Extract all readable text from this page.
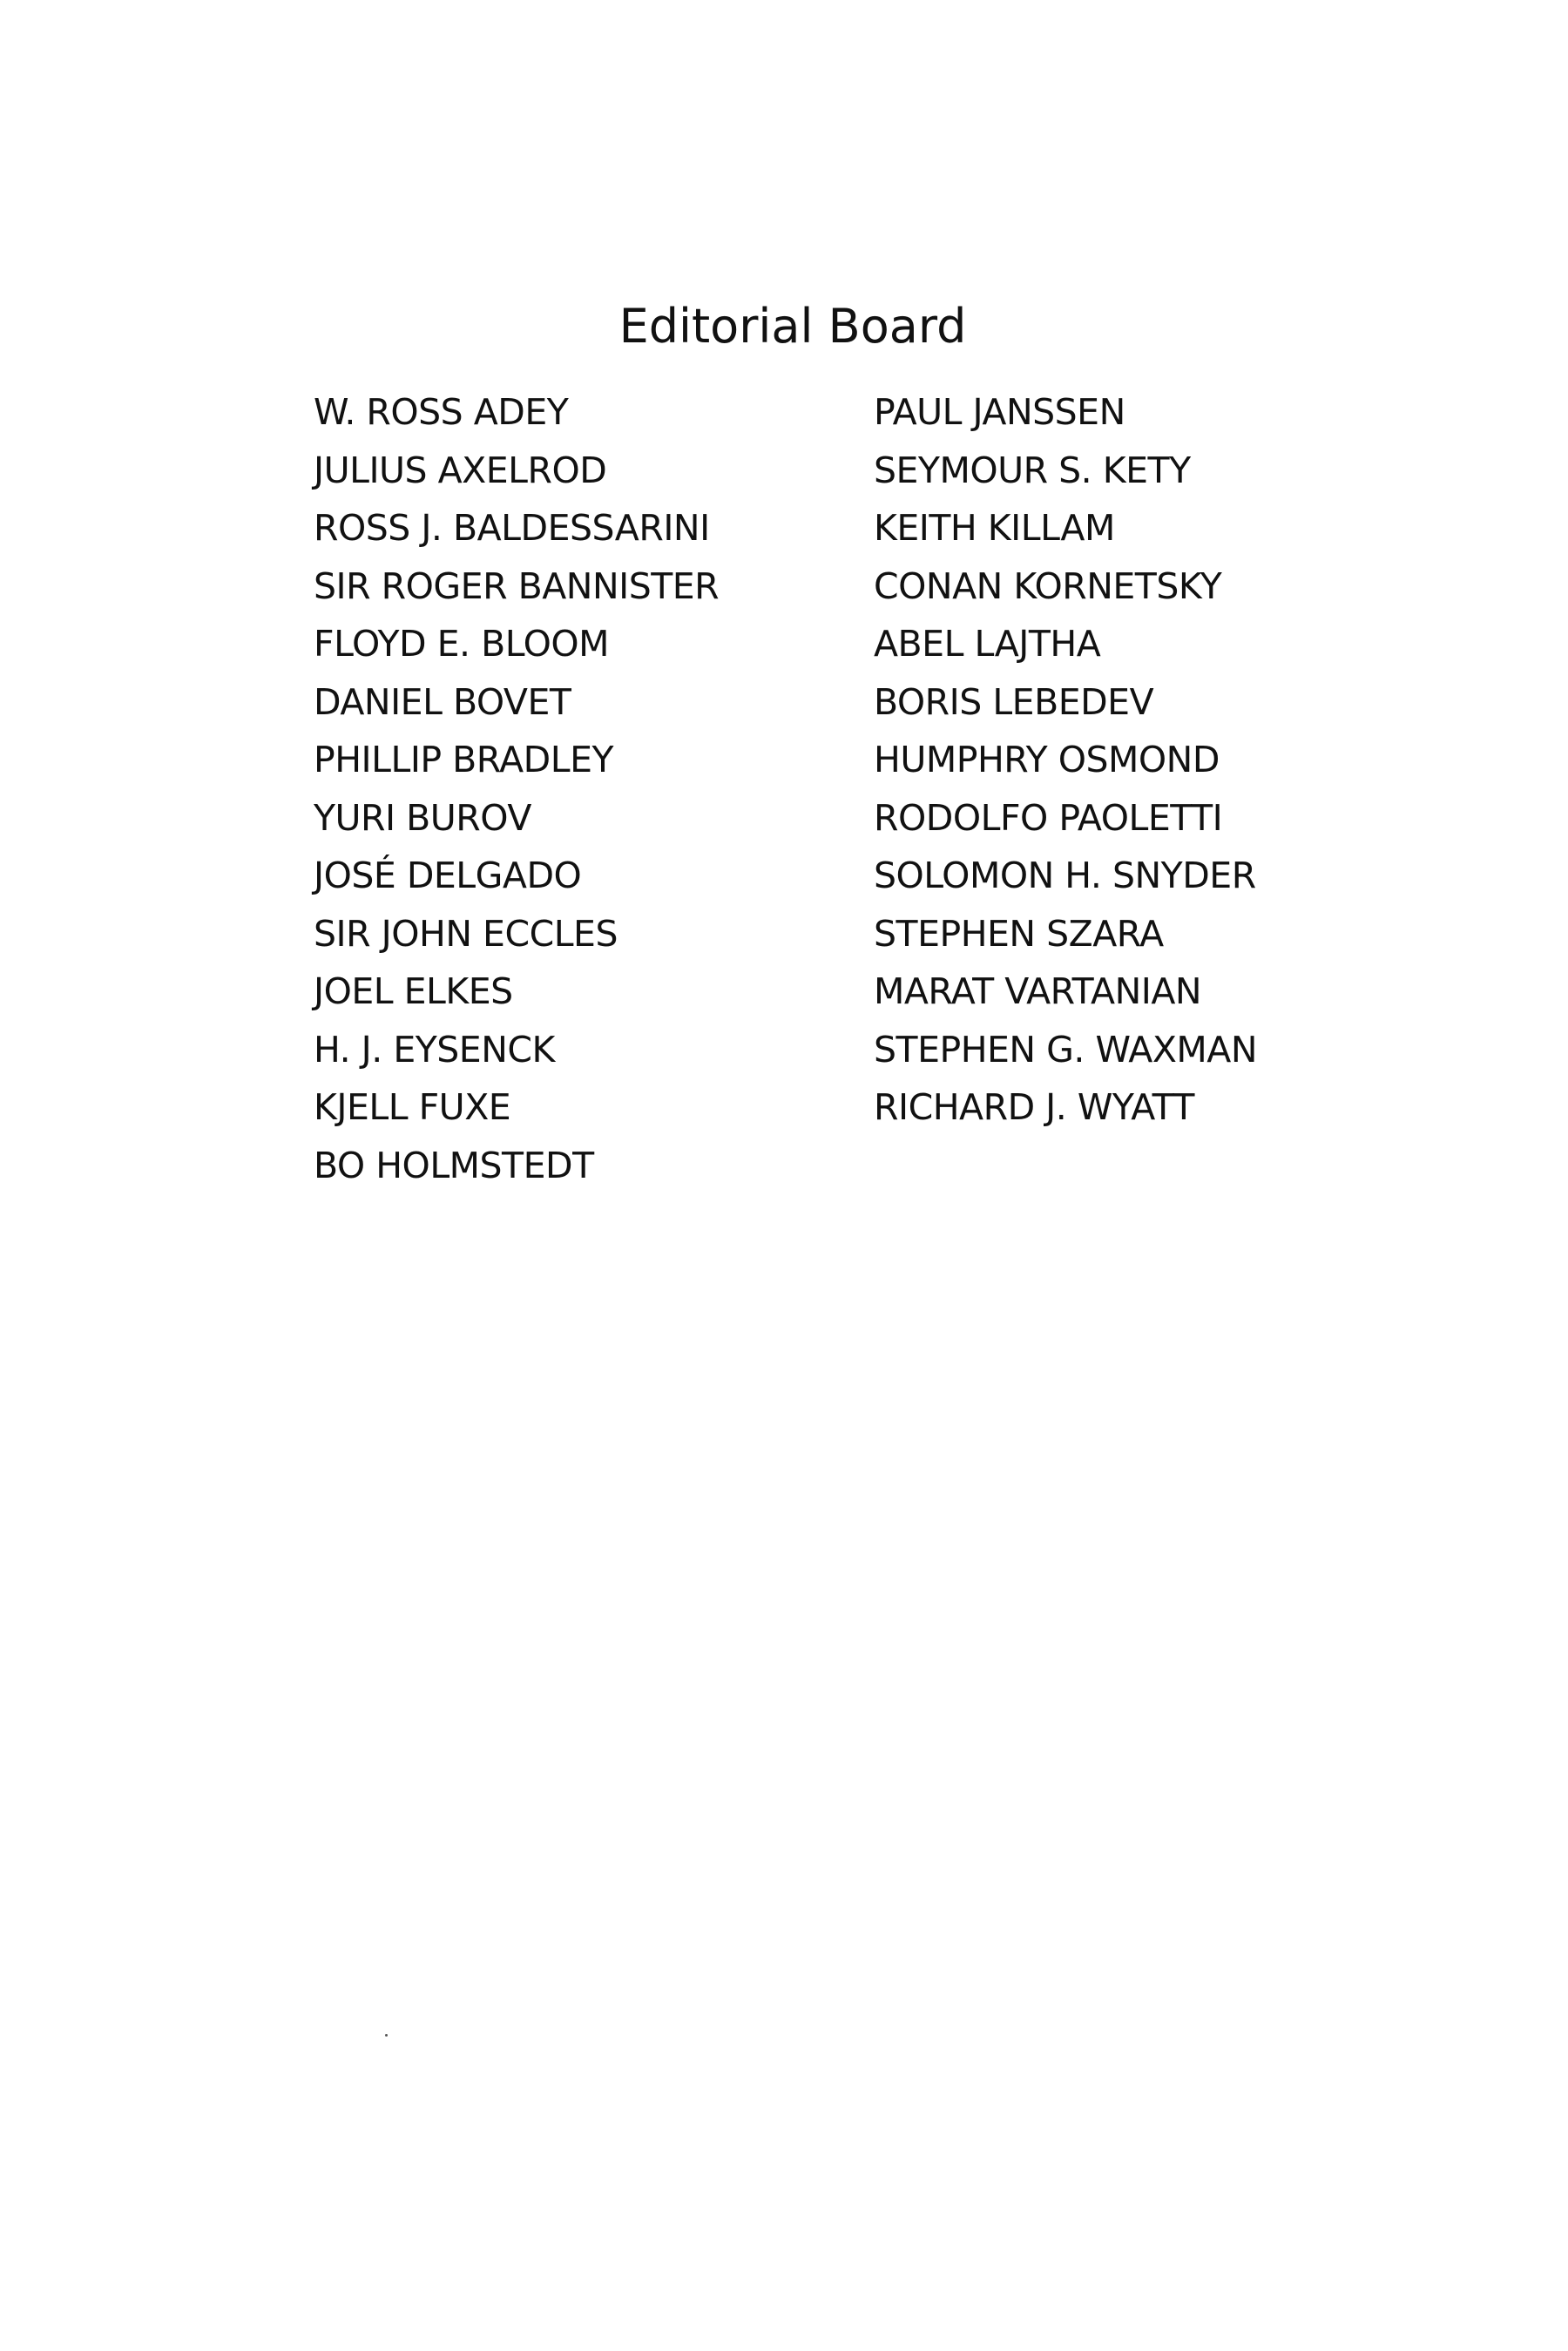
Editorial Board
W. ROSS ADEY
JULIUS AXELROD
ROSS J. BALDESSARINI
SIR ROGER BANNISTER
FLOYD E. BLOOM
DANIEL BOVET
PHILLIP BRADLEY
YURI BUROV
JOSÉ DELGADO
SIR JOHN ECCLES
JOEL ELKES
H. J. EYSENCK
KJELL FUXE
BO HOLMSTEDT
PAUL JANSSEN
SEYMOUR S. KETY
KEITH KILLAM
CONAN KORNETSKY
ABEL LAJTHA
BORIS LEBEDEV
HUMPHRY OSMOND
RODOLFO PAOLETTI
SOLOMON H. SNYDER
STEPHEN SZARA
MARAT VARTANIAN
STEPHEN G. WAXMAN
RICHARD J. WYATT
